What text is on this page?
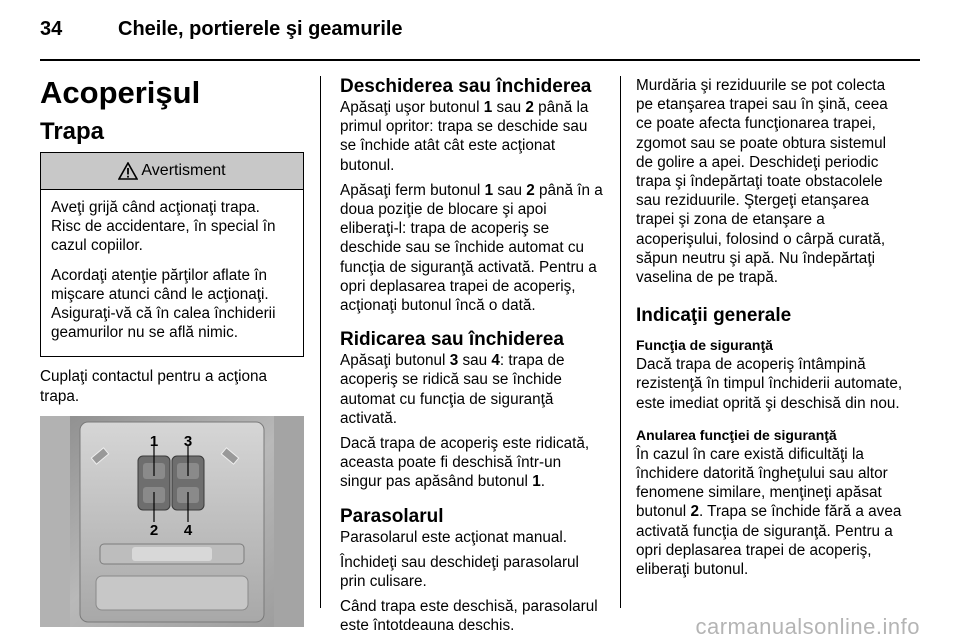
34	Cheile, portierele şi geamurile
Acoperişul
Trapa
Avertisment

Aveţi grijă când acţionaţi trapa. Risc de accidentare, în special în cazul copiilor.

Acordaţi atenţie părţilor aflate în mişcare atunci când le acţionaţi. Asiguraţi-vă că în calea închiderii geamurilor nu se află nimic.

Cuplaţi contactul pentru a acţiona trapa.

1 3
2 4
Deschiderea sau închiderea

Apăsaţi uşor butonul 1 sau 2 până la primul opritor: trapa se deschide sau se închide atât cât este acţionat butonul.

Apăsaţi ferm butonul 1 sau 2 până în a doua poziţie de blocare şi apoi eliberaţi-l: trapa de acoperiş se deschide sau se închide automat cu funcţia de siguranţă activată. Pentru a opri deplasarea trapei de acoperiş, acţionaţi butonul încă o dată.

Ridicarea sau închiderea

Apăsaţi butonul 3 sau 4: trapa de acoperiş se ridică sau se închide automat cu funcţia de siguranţă activată.

Dacă trapa de acoperiş este ridicată, aceasta poate fi deschisă într-un singur pas apăsând butonul 1.

Parasolarul

Parasolarul este acţionat manual.

Închideţi sau deschideţi parasolarul prin culisare.

Când trapa este deschisă, parasolarul este întotdeauna deschis.

Murdăria şi reziduurile se pot colecta pe etanşarea trapei sau în şină, ceea ce poate afecta funcţionarea trapei, zgomot sau se poate obtura sistemul de golire a apei. Deschideţi periodic trapa şi îndepărtaţi toate obstacolele sau reziduurile. Ştergeţi etanşarea trapei şi zona de etanşare a acoperişului, folosind o cârpă curată, săpun neutru şi apă. Nu îndepărtaţi vaselina de pe trapă.

Indicaţii generale
Funcţia de siguranţă

Dacă trapa de acoperiş întâmpină rezistenţă în timpul închiderii automate, este imediat oprită şi deschisă din nou.

Anularea funcţiei de siguranţă

În cazul în care există dificultăţi la închidere datorită îngheţului sau altor fenomene similare, menţineţi apăsat butonul 2. Trapa se închide fără a avea activată funcţia de siguranţă. Pentru a opri deplasarea trapei de acoperiş, eliberaţi butonul.

carmanualsonline.info
